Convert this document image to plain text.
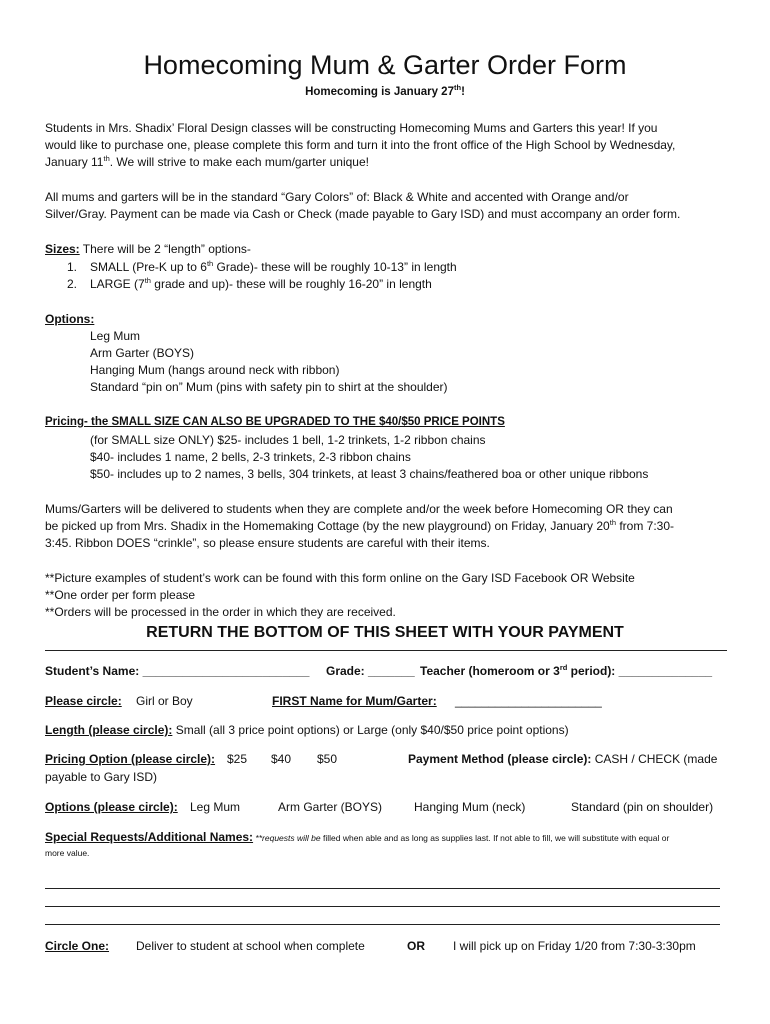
Homecoming Mum & Garter Order Form
Homecoming is January 27th!
Students in Mrs. Shadix’ Floral Design classes will be constructing Homecoming Mums and Garters this year! If you
would like to purchase one, please complete this form and turn it into the front office of the High School by Wednesday,
January 11th. We will strive to make each mum/garter unique!
All mums and garters will be in the standard “Gary Colors” of: Black & White and accented with Orange and/or
Silver/Gray. Payment can be made via Cash or Check (made payable to Gary ISD) and must accompany an order form.
Sizes: There will be 2 “length” options-
1. SMALL (Pre-K up to 6th Grade)- these will be roughly 10-13” in length
2. LARGE (7th grade and up)- these will be roughly 16-20” in length
Options:
Leg Mum
Arm Garter (BOYS)
Hanging Mum (hangs around neck with ribbon)
Standard “pin on” Mum (pins with safety pin to shirt at the shoulder)
Pricing- the SMALL SIZE CAN ALSO BE UPGRADED TO THE $40/$50 PRICE POINTS
(for SMALL size ONLY) $25- includes 1 bell, 1-2 trinkets, 1-2 ribbon chains
$40- includes 1 name, 2 bells, 2-3 trinkets, 2-3 ribbon chains
$50- includes up to 2 names, 3 bells, 304 trinkets, at least 3 chains/feathered boa or other unique ribbons
Mums/Garters will be delivered to students when they are complete and/or the week before Homecoming OR they can
be picked up from Mrs. Shadix in the Homemaking Cottage (by the new playground) on Friday, January 20th from 7:30-
3:45. Ribbon DOES “crinkle”, so please ensure students are careful with their items.
**Picture examples of student’s work can be found with this form online on the Gary ISD Facebook OR Website
**One order per form please
**Orders will be processed in the order in which they are received.
RETURN THE BOTTOM OF THIS SHEET WITH YOUR PAYMENT
Student’s Name: _________________________ Grade: _______ Teacher (homeroom or 3rd period): ______________
Please circle: Girl or Boy	FIRST Name for Mum/Garter: ______________________
Length (please circle): Small (all 3 price point options) or Large (only $40/$50 price point options)
Pricing Option (please circle): $25 $40 $50	Payment Method (please circle): CASH / CHECK (made
payable to Gary ISD)
Options (please circle): Leg Mum	Arm Garter (BOYS)	Hanging Mum (neck)	Standard (pin on shoulder)
Special Requests/Additional Names: **requests will be filled when able and as long as supplies last. If not able to fill, we will substitute with equal or
more value.
Circle One: Deliver to student at school when complete	OR I will pick up on Friday 1/20 from 7:30-3:30pm
